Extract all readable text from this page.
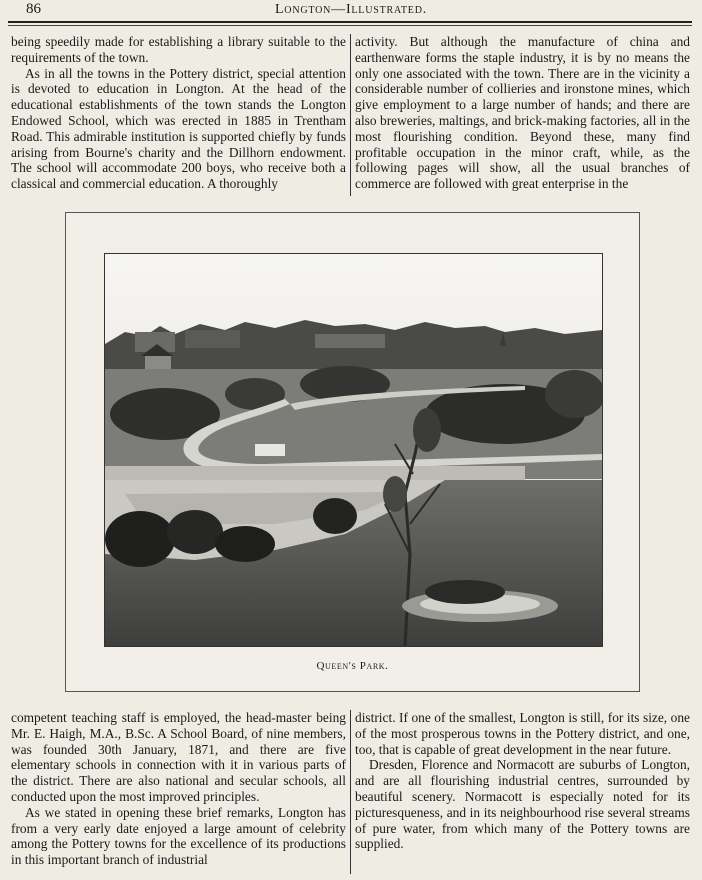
86	Longton—Illustrated.

being speedily made for establishing a library suitable to the requirements of the town.

As in all the towns in the Pottery district, special attention is devoted to education in Longton. At the head of the educational establishments of the town stands the Longton Endowed School, which was erected in 1885 in Trentham Road. This admirable institution is supported chiefly by funds arising from Bourne's charity and the Dillhorn endowment. The school will accommodate 200 boys, who receive both a classical and commercial education. A thoroughly

activity. But although the manufacture of china and earthenware forms the staple industry, it is by no means the only one associated with the town. There are in the vicinity a considerable number of collieries and ironstone mines, which give employment to a large number of hands; and there are also breweries, maltings, and brick-making factories, all in the most flourishing condition. Beyond these, many find profitable occupation in the minor craft, while, as the following pages will show, all the usual branches of commerce are followed with great enterprise in the

Queen's Park.

competent teaching staff is employed, the head-master being Mr. E. Haigh, M.A., B.Sc. A School Board, of nine members, was founded 30th January, 1871, and there are five elementary schools in connection with it in various parts of the district. There are also national and secular schools, all conducted upon the most improved principles.

As we stated in opening these brief remarks, Longton has from a very early date enjoyed a large amount of celebrity among the Pottery towns for the excellence of its productions in this important branch of industrial

district. If one of the smallest, Longton is still, for its size, one of the most prosperous towns in the Pottery district, and one, too, that is capable of great development in the near future.

Dresden, Florence and Normacott are suburbs of Longton, and are all flourishing industrial centres, surrounded by beautiful scenery. Normacott is especially noted for its picturesqueness, and in its neighbourhood rise several streams of pure water, from which many of the Pottery towns are supplied.
